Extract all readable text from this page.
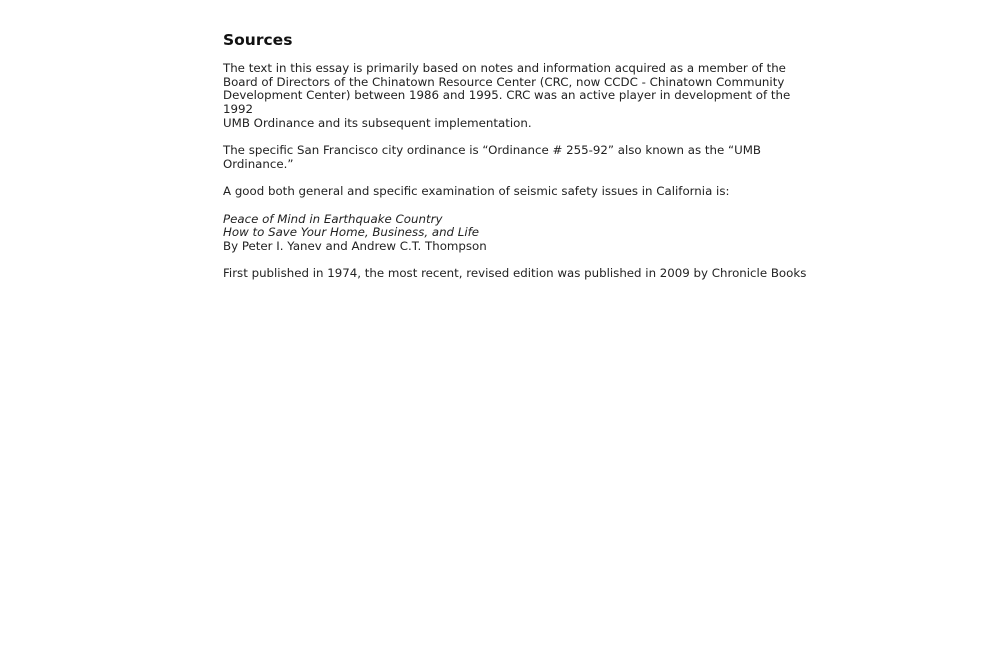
Sources

The text in this essay is primarily based on notes and information acquired as a member of the
Board of Directors of the Chinatown Resource Center (CRC, now CCDC - Chinatown Community
Development Center) between 1986 and 1995. CRC was an active player in development of the 1992
UMB Ordinance and its subsequent implementation.

The specific San Francisco city ordinance is “Ordinance # 255-92” also known as the “UMB
Ordinance.”

A good both general and specific examination of seismic safety issues in California is:

Peace of Mind in Earthquake Country
How to Save Your Home, Business, and Life
By Peter I. Yanev and Andrew C.T. Thompson

First published in 1974, the most recent, revised edition was published in 2009 by Chronicle Books
